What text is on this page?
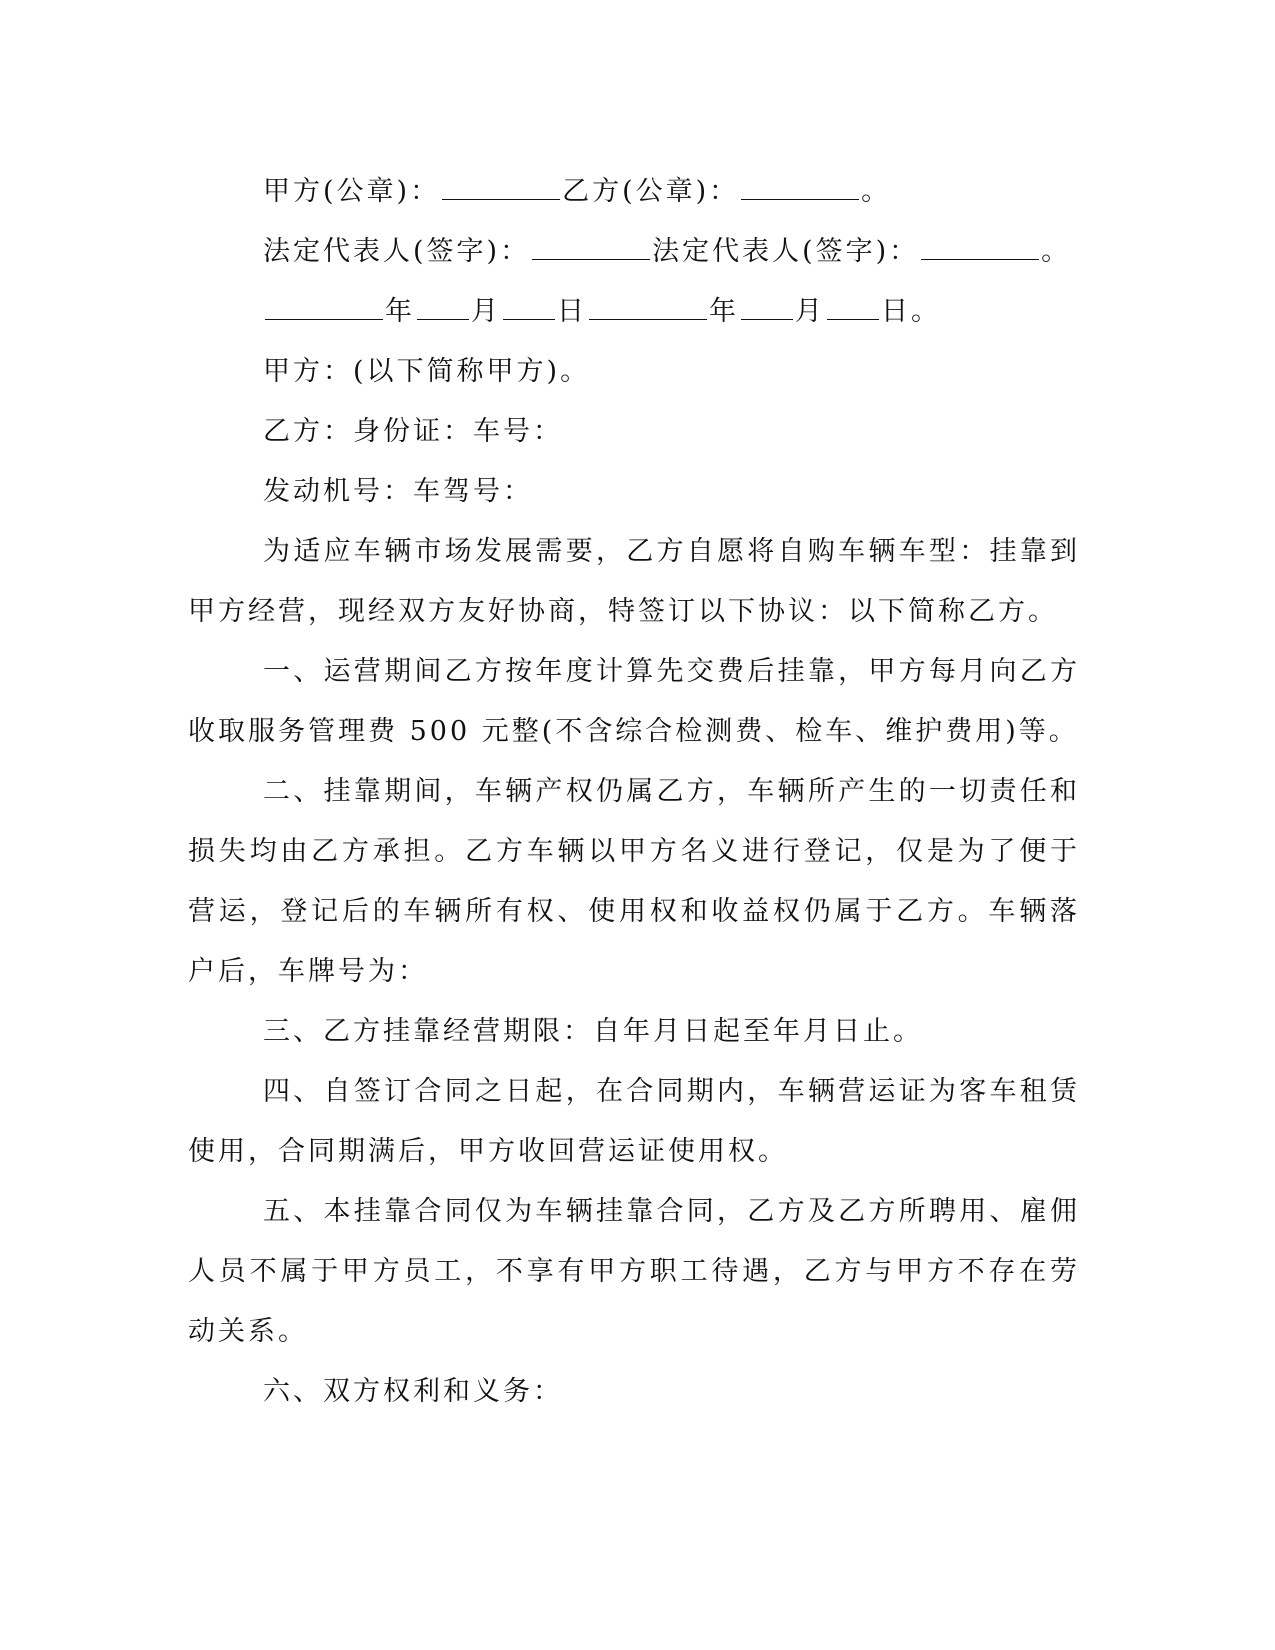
甲方(公章)：	乙方(公章)：	。
法定代表人(签字)：	法定代表人(签字)：	。
年 月 日	年 月 日。
甲方：(以下简称甲方)。
乙方：身份证：车号：
发动机号：车驾号：

为适应车辆市场发展需要，乙方自愿将自购车辆车型：挂靠到甲方经营，现经双方友好协商，特签订以下协议：以下简称乙方。

一、运营期间乙方按年度计算先交费后挂靠，甲方每月向乙方收取服务管理费 500 元整(不含综合检测费、检车、维护费用)等。

二、挂靠期间，车辆产权仍属乙方，车辆所产生的一切责任和损失均由乙方承担。乙方车辆以甲方名义进行登记，仅是为了便于营运，登记后的车辆所有权、使用权和收益权仍属于乙方。车辆落户后，车牌号为：

三、乙方挂靠经营期限：自年月日起至年月日止。

四、自签订合同之日起，在合同期内，车辆营运证为客车租赁使用，合同期满后，甲方收回营运证使用权。

五、本挂靠合同仅为车辆挂靠合同，乙方及乙方所聘用、雇佣人员不属于甲方员工，不享有甲方职工待遇，乙方与甲方不存在劳动关系。

六、双方权利和义务：
